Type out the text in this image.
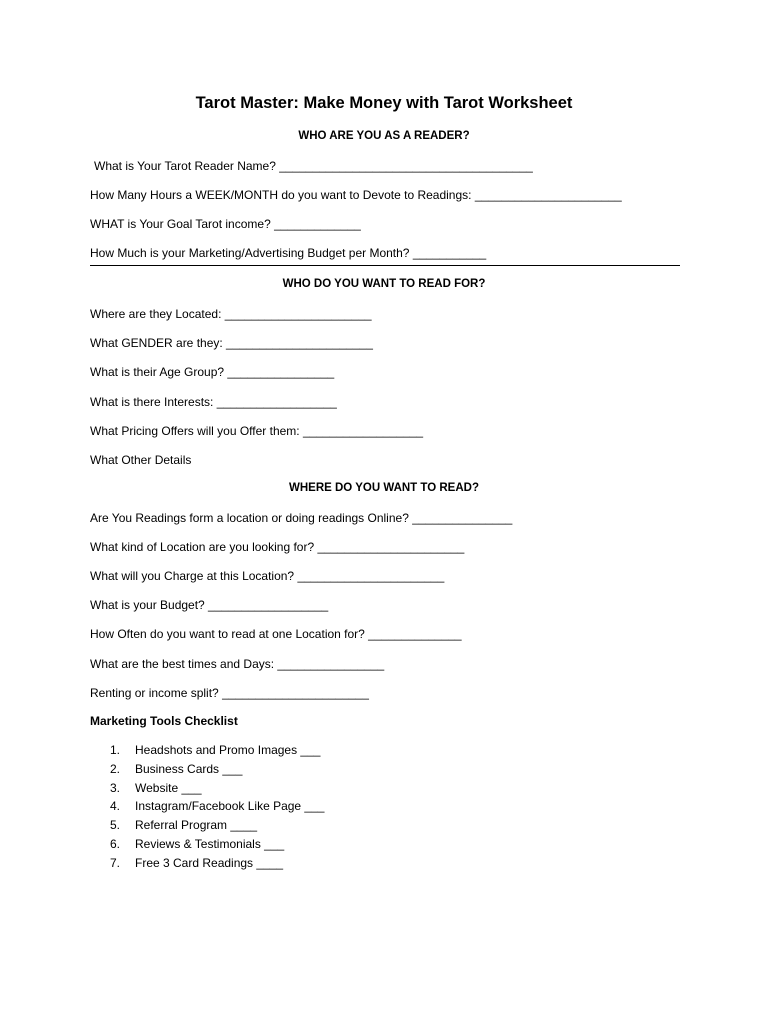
Tarot Master: Make Money with Tarot Worksheet
WHO ARE YOU AS A READER?
What is Your Tarot Reader Name? ______________________________________
How Many Hours a WEEK/MONTH do you want to Devote to Readings: ______________________
WHAT is Your Goal Tarot income? _____________
How Much is your Marketing/Advertising Budget per Month? ___________
WHO DO YOU WANT TO READ FOR?
Where are they Located: ______________________
What GENDER are they: ______________________
What is their Age Group? ________________
What is there Interests: __________________
What Pricing Offers will you Offer them: __________________
What Other Details
WHERE DO YOU WANT TO READ?
Are You Readings form a location or doing readings Online? _______________
What kind of Location are you looking for? ______________________
What will you Charge at this Location? ______________________
What is your Budget? __________________
How Often do you want to read at one Location for? ______________
What are the best times and Days: ________________
Renting or income split? ______________________
Marketing Tools Checklist
1. Headshots and Promo Images ___
2. Business Cards ___
3. Website ___
4. Instagram/Facebook Like Page ___
5. Referral Program ____
6. Reviews & Testimonials ___
7. Free 3 Card Readings ____
